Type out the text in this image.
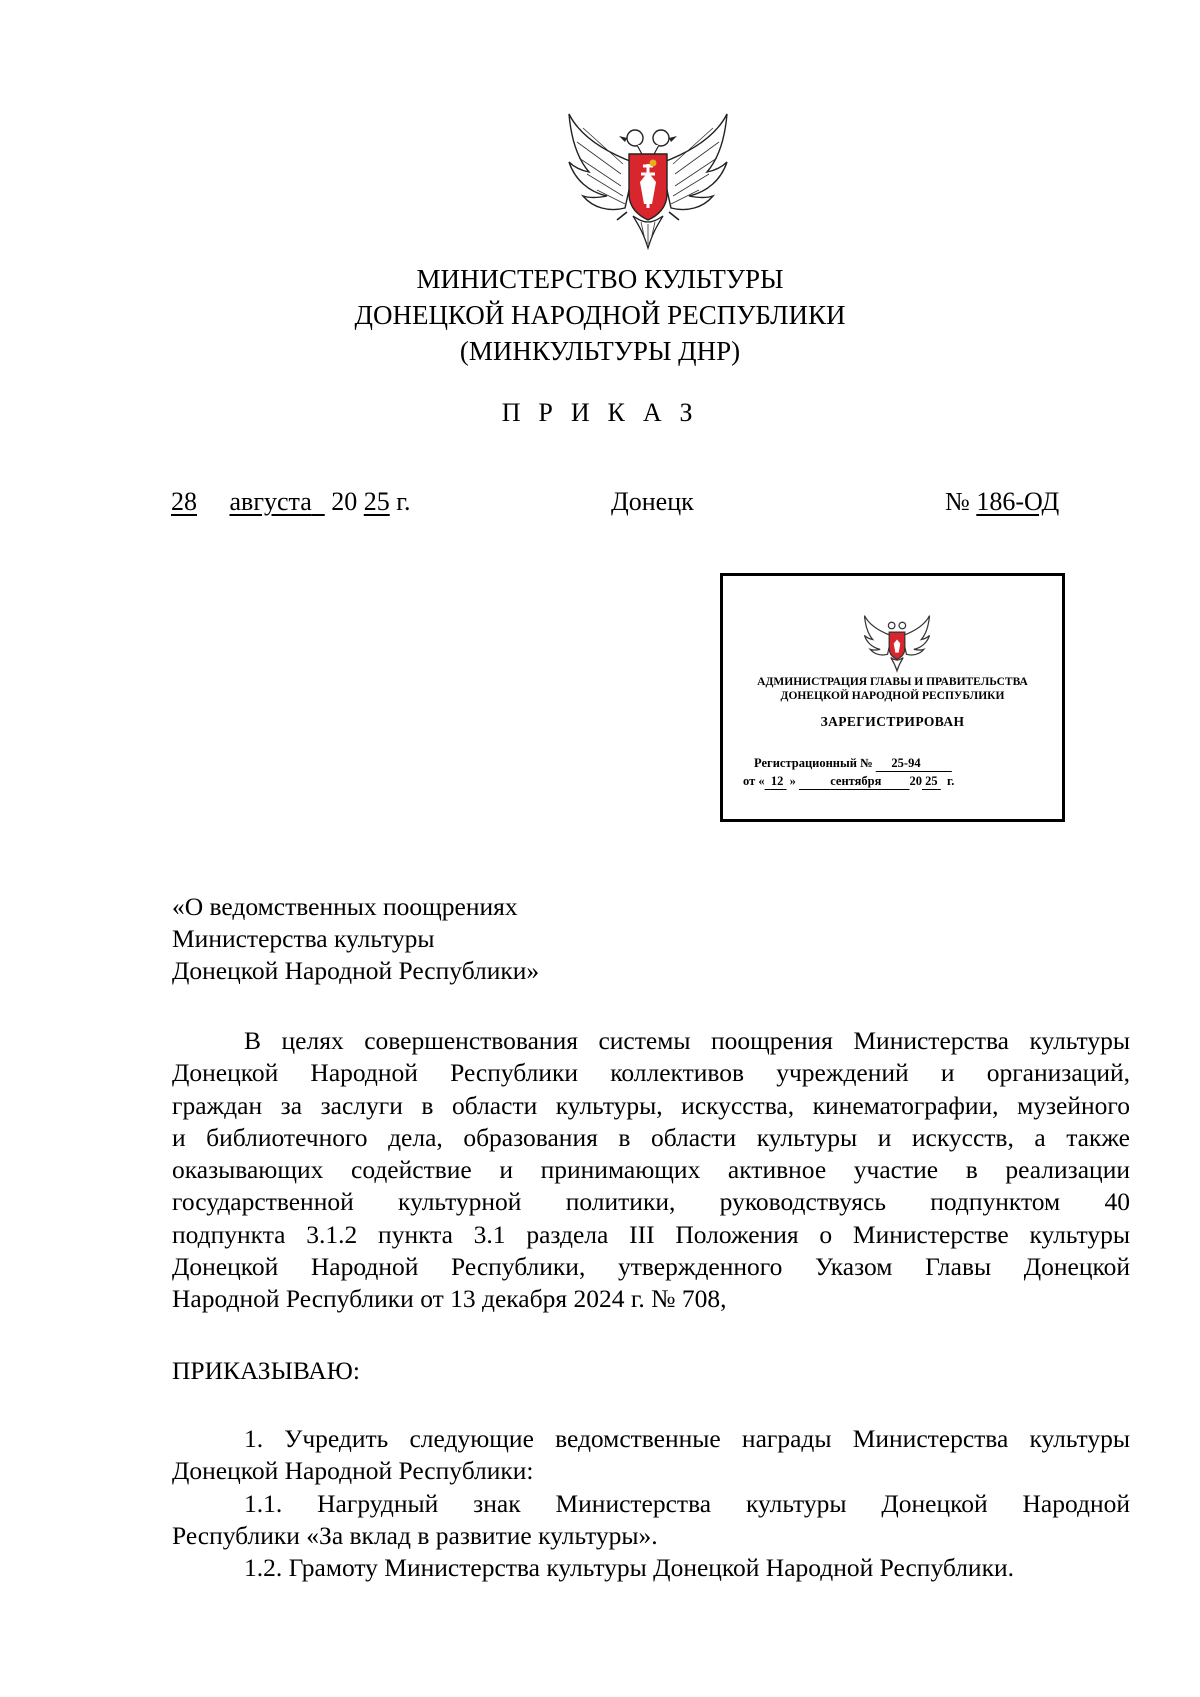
МИНИСТЕРСТВО КУЛЬТУРЫ
ДОНЕЦКОЙ НАРОДНОЙ РЕСПУБЛИКИ
(МИНКУЛЬТУРЫ ДНР)
П Р И К А З
28 августа 20 25 г.	Донецк	№ 186-ОД
АДМИНИСТРАЦИЯ ГЛАВЫ И ПРАВИТЕЛЬСТВА
ДОНЕЦКОЙ НАРОДНОЙ РЕСПУБЛИКИ
ЗАРЕГИСТРИРОВАН
Регистрационный № 25-94
от « 12 »	сентября 20 25 г.
«О ведомственных поощрениях
Министерства культуры
Донецкой Народной Республики»
В целях совершенствования системы поощрения Министерства культуры
Донецкой Народной Республики коллективов учреждений и организаций,
граждан за заслуги в области культуры, искусства, кинематографии, музейного
и библиотечного дела, образования в области культуры и искусств, а также
оказывающих содействие и принимающих активное участие в реализации
государственной культурной политики, руководствуясь подпунктом 40
подпункта 3.1.2 пункта 3.1 раздела III Положения о Министерстве культуры
Донецкой Народной Республики, утвержденного Указом Главы Донецкой
Народной Республики от 13 декабря 2024 г. № 708,
ПРИКАЗЫВАЮ:
1. Учредить следующие ведомственные награды Министерства культуры
Донецкой Народной Республики:
1.1. Нагрудный знак Министерства культуры Донецкой Народной
Республики «За вклад в развитие культуры».
1.2. Грамоту Министерства культуры Донецкой Народной Республики.
